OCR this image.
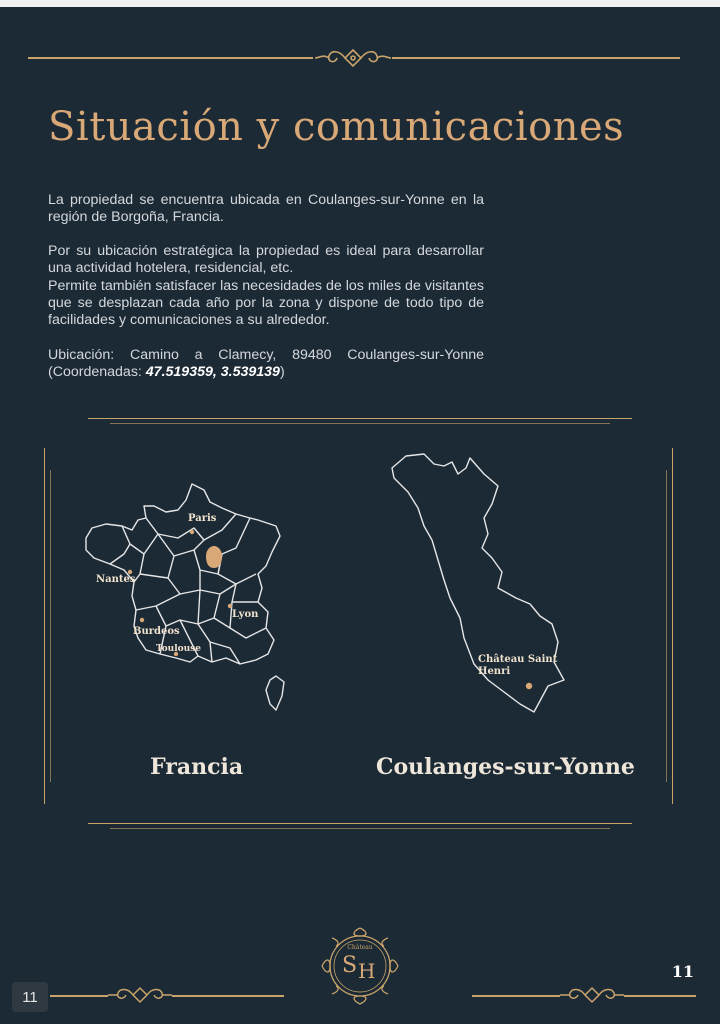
Situación y comunicaciones
La propiedad se encuentra ubicada en Coulanges-sur-Yonne en la región de Borgoña, Francia.
Por su ubicación estratégica la propiedad es ideal para desarrollar una actividad hotelera, residencial, etc.
Permite también satisfacer las necesidades de los miles de visitantes que se desplazan cada año por la zona y dispone de todo tipo de facilidades y comunicaciones a su alrededor.
Ubicación: Camino a Clamecy, 89480 Coulanges-sur-Yonne (Coordenadas: 47.519359, 3.539139)
Paris
Nantes
Lyon
Burdeos
Toulouse
Château Saint
Henri
Francia	Coulanges-sur-Yonne
Château
S H	11
11
